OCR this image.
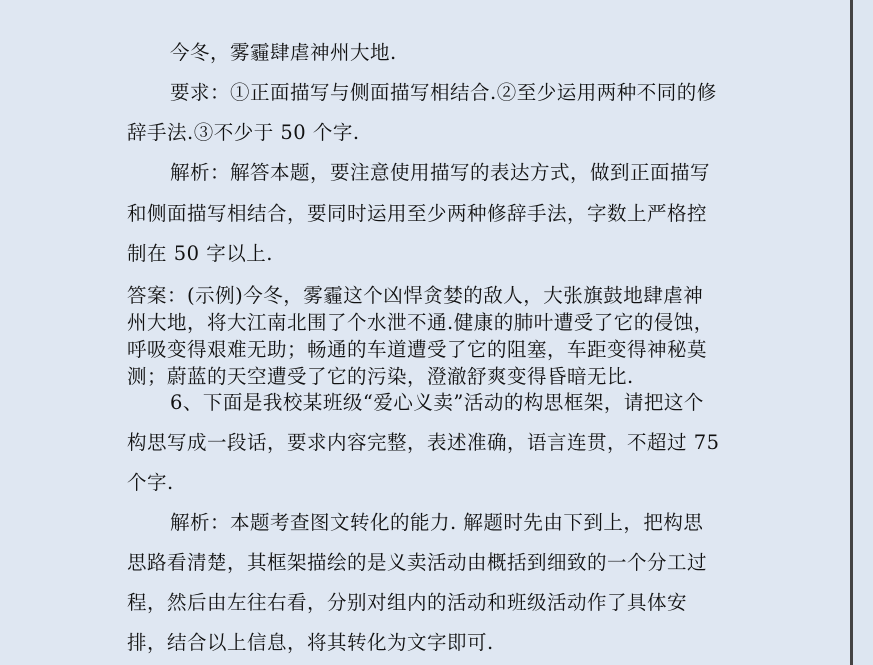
今冬，雾霾肆虐神州大地.
要求：①正面描写与侧面描写相结合.②至少运用两种不同的修
辞手法.③不少于 50 个字.
解析：解答本题，要注意使用描写的表达方式，做到正面描写
和侧面描写相结合，要同时运用至少两种修辞手法，字数上严格控
制在 50 字以上.
答案：(示例)今冬，雾霾这个凶悍贪婪的敌人，大张旗鼓地肆虐神
州大地，将大江南北围了个水泄不通.健康的肺叶遭受了它的侵蚀，
呼吸变得艰难无助；畅通的车道遭受了它的阻塞，车距变得神秘莫
测；蔚蓝的天空遭受了它的污染，澄澈舒爽变得昏暗无比.
6、下面是我校某班级“爱心义卖”活动的构思框架，请把这个
构思写成一段话，要求内容完整，表述准确，语言连贯，不超过 75
个字.
解析：本题考查图文转化的能力. 解题时先由下到上，把构思
思路看清楚，其框架描绘的是义卖活动由概括到细致的一个分工过
程，然后由左往右看，分别对组内的活动和班级活动作了具体安
排，结合以上信息，将其转化为文字即可.
